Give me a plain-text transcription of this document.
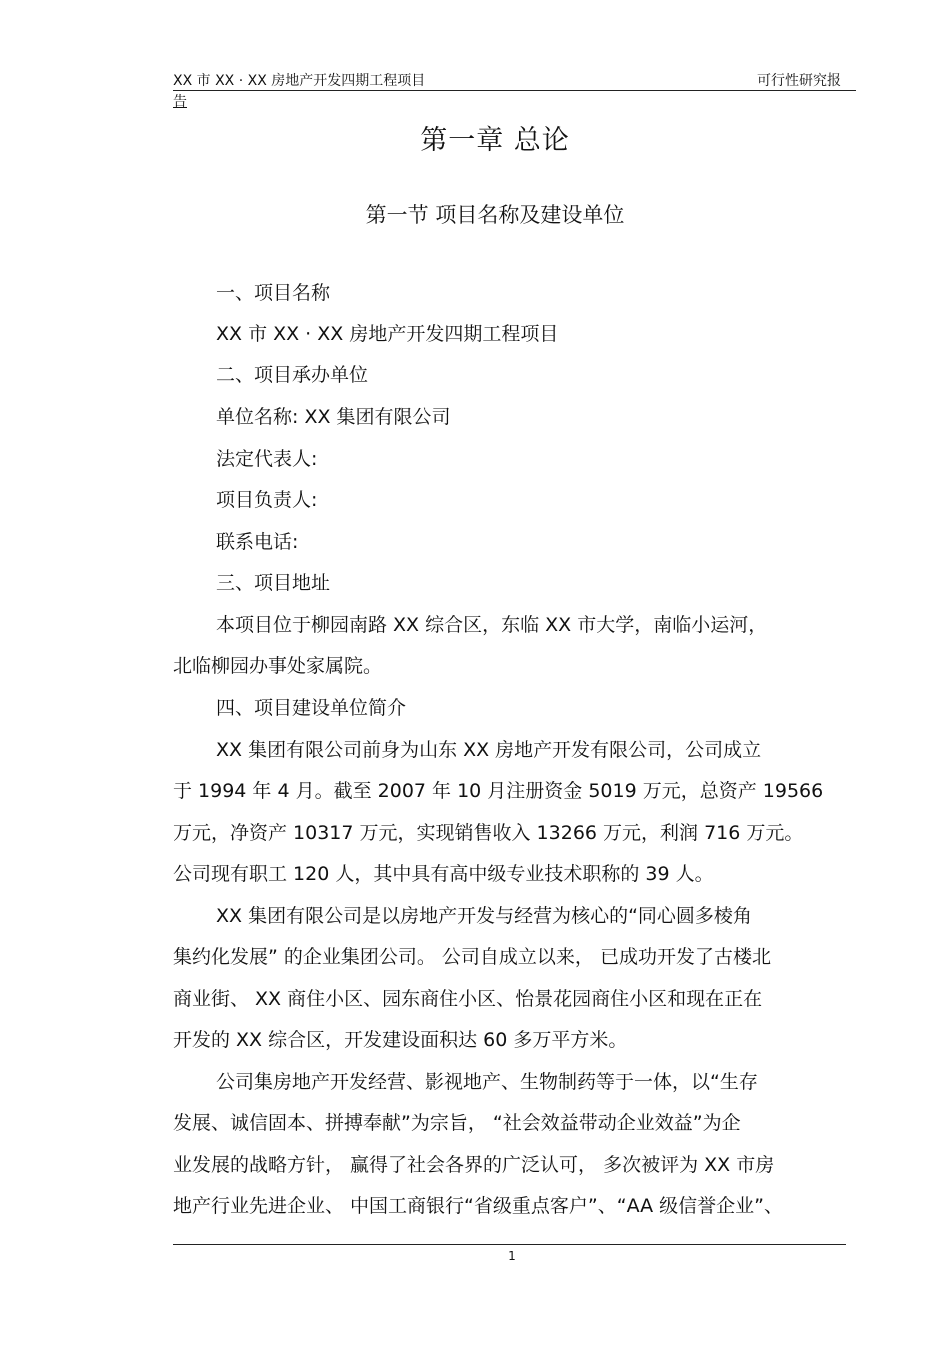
XX 市 XX · XX 房地产开发四期工程项目	可行性研究报
告
第一章 总论
第一节 项目名称及建设单位
一、项目名称
XX 市 XX · XX 房地产开发四期工程项目
二、项目承办单位
单位名称: XX 集团有限公司
法定代表人:
项目负责人:
联系电话:
三、项目地址
本项目位于柳园南路 XX 综合区，东临 XX 市大学，南临小运河，
北临柳园办事处家属院。
四、项目建设单位简介
XX 集团有限公司前身为山东 XX 房地产开发有限公司，公司成立
于 1994 年 4 月。截至 2007 年 10 月注册资金 5019 万元，总资产 19566
万元，净资产 10317 万元，实现销售收入 13266 万元，利润 716 万元。
公司现有职工 120 人，其中具有高中级专业技术职称的 39 人。
XX 集团有限公司是以房地产开发与经营为核心的“同心圆多棱角
集约化发展” 的企业集团公司。 公司自成立以来， 已成功开发了古楼北
商业街、 XX 商住小区、园东商住小区、怡景花园商住小区和现在正在
开发的 XX 综合区，开发建设面积达 60 多万平方米。
公司集房地产开发经营、影视地产、生物制药等于一体，以“生存
发展、诚信固本、拼搏奉献”为宗旨， “社会效益带动企业效益”为企
业发展的战略方针， 赢得了社会各界的广泛认可， 多次被评为 XX 市房
地产行业先进企业、 中国工商银行“省级重点客户”、“AA 级信誉企业”、
1
